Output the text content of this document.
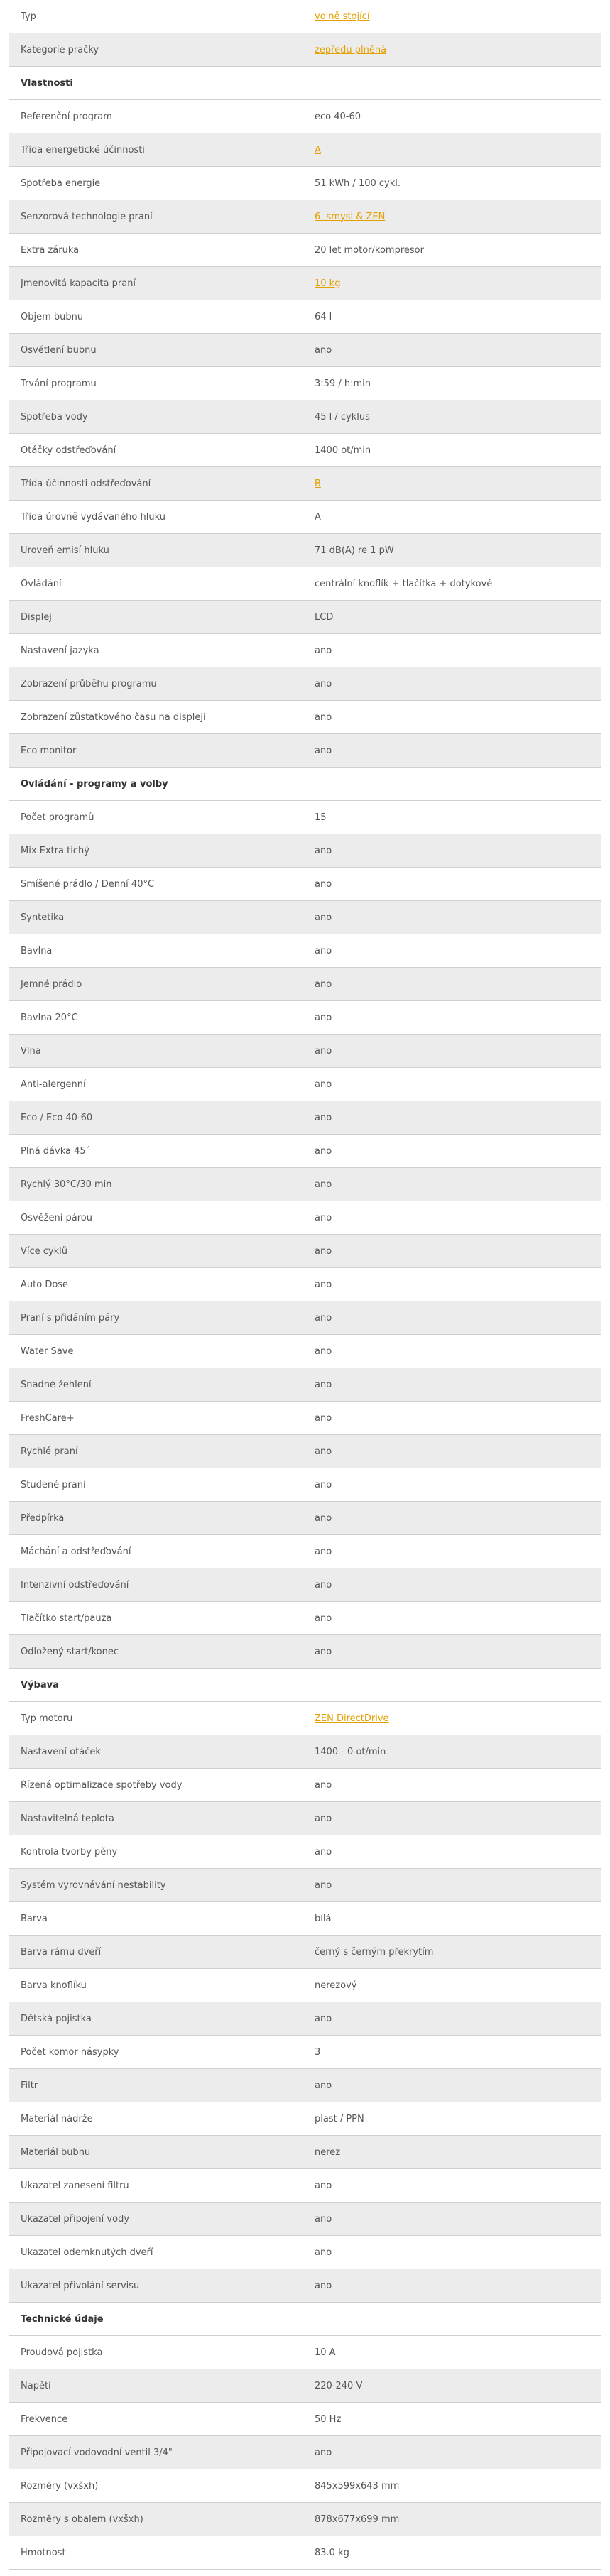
Typ	volně stojící
Kategorie pračky	zepředu plněná
Vlastnosti
Referenční program	eco 40-60
Třída energetické účinnosti	A
Spotřeba energie	51 kWh / 100 cykl.
Senzorová technologie praní	6. smysl & ZEN
Extra záruka	20 let motor/kompresor
Jmenovitá kapacita praní	10 kg
Objem bubnu	64 l
Osvětlení bubnu	ano
Trvání programu	3:59 / h:min
Spotřeba vody	45 l / cyklus
Otáčky odstřeďování	1400 ot/min
Třída účinnosti odstřeďování	B
Třída úrovně vydávaného hluku	A
Úroveň emisí hluku	71 dB(A) re 1 pW
Ovládání	centrální knoflík + tlačítka + dotykové
Displej	LCD
Nastavení jazyka	ano
Zobrazení průběhu programu	ano
Zobrazení zůstatkového času na displeji	ano
Eco monitor	ano
Ovládání - programy a volby
Počet programů	15
Mix Extra tichý	ano
Smíšené prádlo / Denní 40°C	ano
Syntetika	ano
Bavlna	ano
Jemné prádlo	ano
Bavlna 20°C	ano
Vlna	ano
Anti-alergenní	ano
Eco / Eco 40-60	ano
Plná dávka 45´	ano
Rychlý 30°C/30 min	ano
Osvěžení párou	ano
Více cyklů	ano
Auto Dose	ano
Praní s přidáním páry	ano
Water Save	ano
Snadné žehlení	ano
FreshCare+	ano
Rychlé praní	ano
Studené praní	ano
Předpírka	ano
Máchání a odstřeďování	ano
Intenzivní odstřeďování	ano
Tlačítko start/pauza	ano
Odložený start/konec	ano
Výbava
Typ motoru	ZEN DirectDrive
Nastavení otáček	1400 - 0 ot/min
Řízená optimalizace spotřeby vody	ano
Nastavitelná teplota	ano
Kontrola tvorby pěny	ano
Systém vyrovnávání nestability	ano
Barva	bílá
Barva rámu dveří	černý s černým překrytím
Barva knoflíku	nerezový
Dětská pojistka	ano
Počet komor násypky	3
Filtr	ano
Materiál nádrže	plast / PPN
Materiál bubnu	nerez
Ukazatel zanesení filtru	ano
Ukazatel připojení vody	ano
Ukazatel odemknutých dveří	ano
Ukazatel přivolání servisu	ano
Technické údaje
Proudová pojistka	10 A
Napětí	220-240 V
Frekvence	50 Hz
Připojovací vodovodní ventil 3/4"	ano
Rozměry (vxšxh)	845x599x643 mm
Rozměry s obalem (vxšxh)	878x677x699 mm
Hmotnost	83.0 kg
